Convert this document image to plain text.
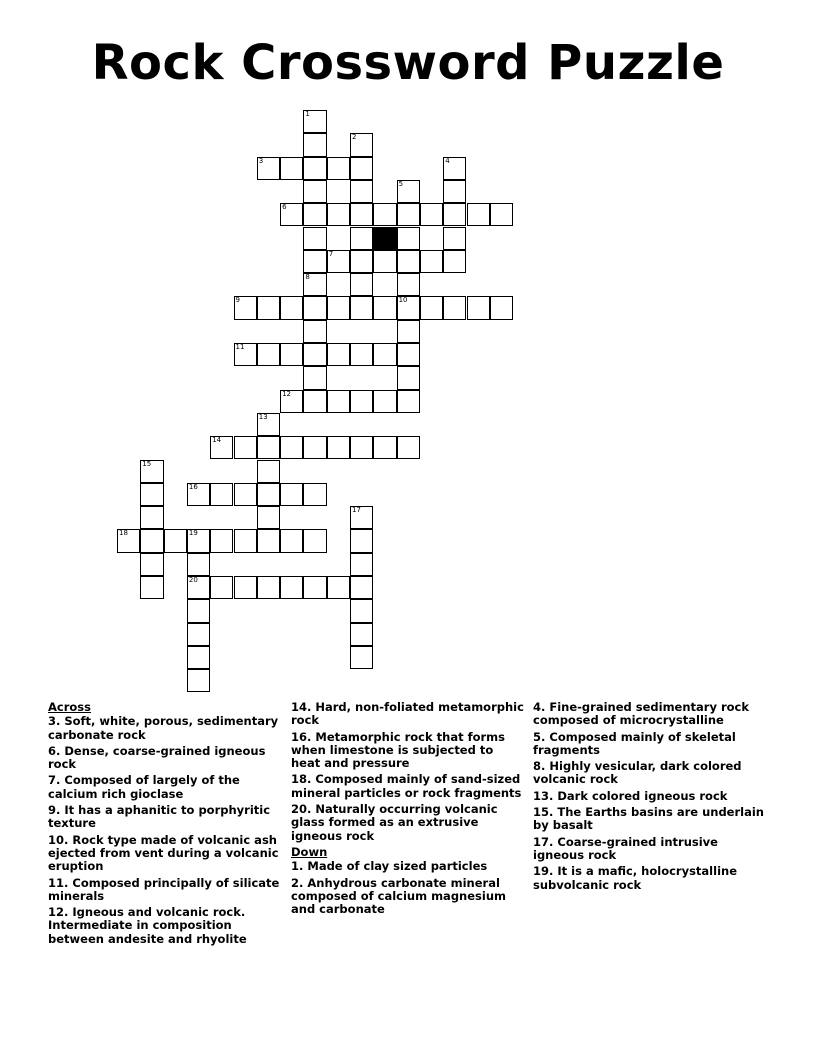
Rock Crossword Puzzle
1
8
2
3	4
5
10
6
7
9
11
12
13
14
15
16
17
18	19
20
Across
3. Soft, white, porous, sedimentary carbonate rock
6. Dense, coarse-grained igneous rock
7. Composed of largely of the calcium rich gioclase
9. It has a aphanitic to porphyritic texture
10. Rock type made of volcanic ash ejected from vent during a volcanic eruption
11. Composed principally of silicate minerals
12. Igneous and volcanic rock. Intermediate in composition between andesite and rhyolite
14. Hard, non-foliated metamorphic rock
16. Metamorphic rock that forms when limestone is subjected to heat and pressure
18. Composed mainly of sand-sized mineral particles or rock fragments
20. Naturally occurring volcanic glass formed as an extrusive igneous rock
Down
1. Made of clay sized particles
2. Anhydrous carbonate mineral composed of calcium magnesium and carbonate
4. Fine-grained sedimentary rock composed of microcrystalline
5. Composed mainly of skeletal fragments
8. Highly vesicular, dark colored volcanic rock
13. Dark colored igneous rock
15. The Earths basins are underlain by basalt
17. Coarse-grained intrusive igneous rock
19. It is a mafic, holocrystalline subvolcanic rock
